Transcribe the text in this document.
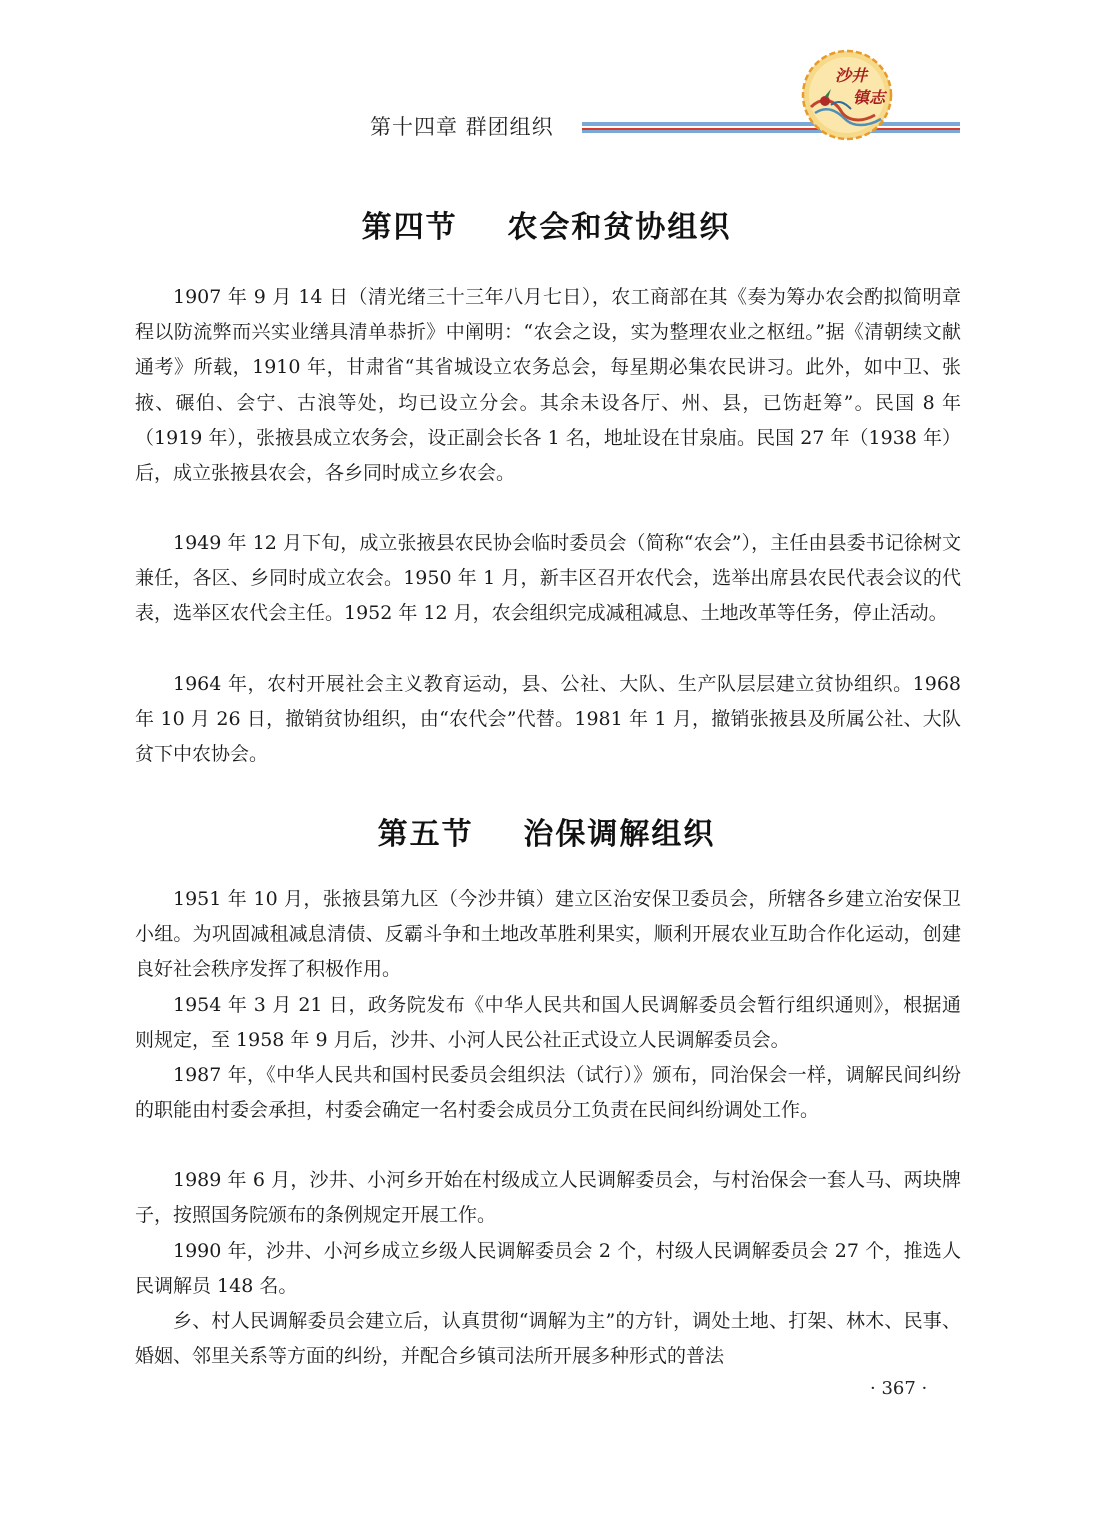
第十四章 群团组织
沙井
镇志
第四节    农会和贫协组织

1907 年 9 月 14 日（清光绪三十三年八月七日），农工商部在其《奏为筹办农会酌拟简明章程以防流弊而兴实业缮具清单恭折》中阐明：“农会之设，实为整理农业之枢纽。”据《清朝续文献通考》所载，1910 年，甘肃省“其省城设立农务总会，每星期必集农民讲习。此外，如中卫、张掖、碾伯、会宁、古浪等处，均已设立分会。其余未设各厅、州、县，已饬赶筹”。民国 8 年（1919 年），张掖县成立农务会，设正副会长各 1 名，地址设在甘泉庙。民国 27 年（1938 年）后，成立张掖县农会，各乡同时成立乡农会。

1949 年 12 月下旬，成立张掖县农民协会临时委员会（简称“农会”），主任由县委书记徐树文兼任，各区、乡同时成立农会。1950 年 1 月，新丰区召开农代会，选举出席县农民代表会议的代表，选举区农代会主任。1952 年 12 月，农会组织完成减租减息、土地改革等任务，停止活动。

1964 年，农村开展社会主义教育运动，县、公社、大队、生产队层层建立贫协组织。1968 年 10 月 26 日，撤销贫协组织，由“农代会”代替。1981 年 1 月，撤销张掖县及所属公社、大队贫下中农协会。

第五节    治保调解组织

1951 年 10 月，张掖县第九区（今沙井镇）建立区治安保卫委员会，所辖各乡建立治安保卫小组。为巩固减租减息清债、反霸斗争和土地改革胜利果实，顺利开展农业互助合作化运动，创建良好社会秩序发挥了积极作用。

1954 年 3 月 21 日，政务院发布《中华人民共和国人民调解委员会暂行组织通则》，根据通则规定，至 1958 年 9 月后，沙井、小河人民公社正式设立人民调解委员会。

1987 年，《中华人民共和国村民委员会组织法（试行）》颁布，同治保会一样，调解民间纠纷的职能由村委会承担，村委会确定一名村委会成员分工负责在民间纠纷调处工作。

1989 年 6 月，沙井、小河乡开始在村级成立人民调解委员会，与村治保会一套人马、两块牌子，按照国务院颁布的条例规定开展工作。

1990 年，沙井、小河乡成立乡级人民调解委员会 2 个，村级人民调解委员会 27 个，推选人民调解员 148 名。

乡、村人民调解委员会建立后，认真贯彻“调解为主”的方针，调处土地、打架、林木、民事、婚姻、邻里关系等方面的纠纷，并配合乡镇司法所开展多种形式的普法

· 367 ·
